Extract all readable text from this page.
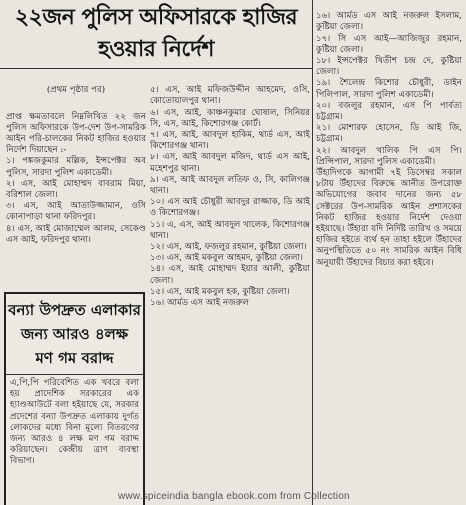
২২জন পুলিস অফিসারকে হাজির
হওয়ার নির্দেশ

(প্রথম পৃষ্ঠার পর)

প্রাপ্ত ক্ষমতাবলে নিম্নলিখিত ২২ জন পুলিস অফিসারকে উপ-দেশ উপ-সামরিক আইন পরি-চালকের নিকট হাজির হওয়ার নির্দেশ দিয়াছেন :-
১। পঙ্কজকুমার মল্লিক, ইন্সপেক্টর অব পুলিস, সারদা পুলিশ একাডেমী।
২। এস, আই মোহাম্মদ বাবরাম মিয়া, বরিশাল জেলা।
৩। এস, আই আতাউজ্জামান, ওসি কোনাপাড়া থানা ফরিদপুর।
৪। এস, আই মোজাম্মেল আলম, সেকেণ্ড এস আই, ফরিদপুর থানা।

বন্যা উপদ্রুত এলাকার
জন্য আরও ৪লক্ষ
মণ গম বরাদ্দ
এ,পি,পি পরিবেশিত এক খবরে বলা হয় প্রাদেশিক সরকারের এক হ্যাণ্ডআউটে বলা হইয়াছে যে, সরকার প্রদেশের বন্যা উপদ্রুত এলাকায় দুর্গত লোকদের মধ্যে বিনা মূল্যে বিতরণের জন্য আরও ৪ লক্ষ মণ গম বরাদ্দ করিয়াছেন। কেন্দ্রীয় ত্রাণ ব্যবস্থা বিভাগ।

৫। এস, আই মফিজউদ্দীন আহমেদ, ওসি, কোতোয়ালপুর থানা।
৬। এস, আই, কাঞ্চনকুমার ঘোষাল, সিনিয়র সি, এস, আই, কিশোরগঞ্জ কোর্ট।
৭। এস, আই, আবদুল হাকিম, থার্ড এস, আই কিশোরগঞ্জ থানা।
৮। এস, আই আবদুল মজিদ, থার্ড এস আই, মহেশপুর থানা।
৯। এস, আই আবদুল লতিফ ও, সি, কালিগঞ্জ থানা।
১০। এস আই চৌধুরী আবদুর রাজ্জাক, ডি আই ও কিশোরগঞ্জ।
১১। এ, এস, আই আবদুল খালেক, কিশোরগঞ্জ থানা।
১২। এস, আই, ফজলুর রহমান, কুষ্টিয়া জেলা।
১৩। এস, আই মকবুল আহমদ, কুষ্টিয়া জেলা।
১৪। এস, আই মোহাম্মদ ইয়ার আলী, কুষ্টিয়া জেলা।
১৫। এস, আই মকবুল হক, কুষ্টিয়া জেলা।
১৬। আর্মড এস আই নজরুল

১৬। আর্মড এস আই নজরুল ইসলাম, কুষ্টিয়া জেলা।
১৭। সি এস আই—আজিজুর রহমান, কুষ্টিয়া জেলা।
১৮। ইন্সপেক্টর খিতীশ চন্দ্র দে, কুষ্টিয়া জেলা।
১৯। শৈলেন্দ্র কিশোর চৌধুরী, ডাইন পিলিপাল, সারদা পুলিশ একাডেমী।
২০। বজলুর রহমান, এস পি পার্বত্য চট্টগ্রাম।
২১। মোশারফ হোসেন, ডি আই জি, চট্টগ্রাম।
২২। আবদুল খালিক পি এস পি। প্রিন্সিপাল, সারদা পুলিস একাডেমী।
উঁহাদিগকে আগামী ৭ই ডিসেম্বর সকাল ৮টায় উঁহাদের বিরুদ্ধে আনীত উপরোক্ত অভিযোগের জবাব দানের জন্য ৫৮ সেক্টরের উপ-সামরিক আইন প্রশাসকের নিকট হাজির হওয়ার নির্দেশ দেওয়া হইয়াছে। উঁহারা যদি নির্দিষ্ট তারিখ ও সময়ে হাজির হইতে ব্যর্থ হন তাহা হইলে উঁহাদের অনুপস্থিতিতে ৫০ নং সামরিক আইন বিধি অনুযায়ী উঁহাদের বিচার করা হইবে।

www.spiceindia bangla ebook.com from Collection
